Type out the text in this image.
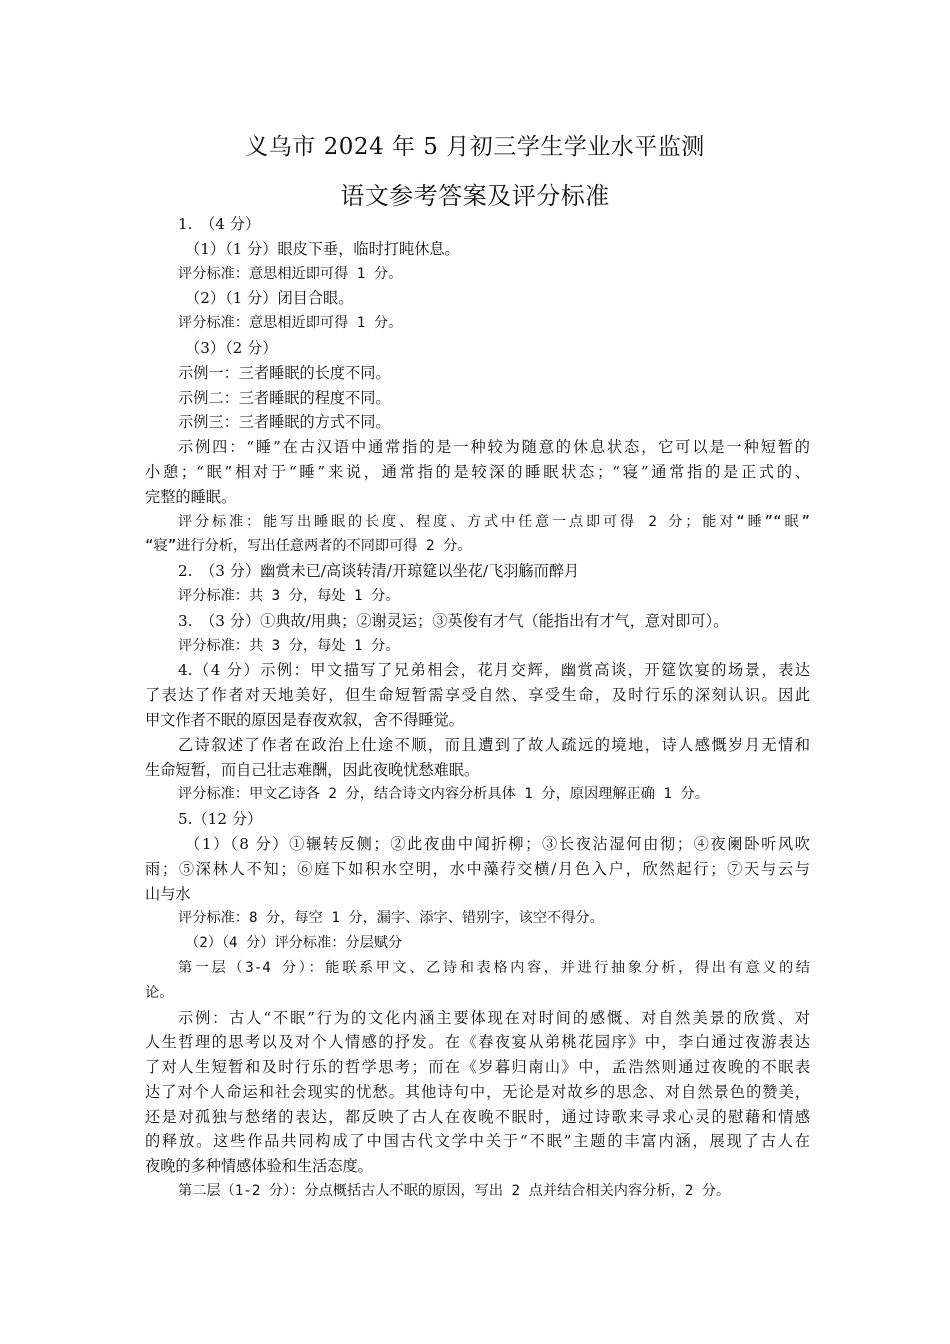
义乌市 2024 年 5 月初三学生学业水平监测
语文参考答案及评分标准
1.　（4 分）
（1）（1 分）眼皮下垂，临时打盹休息。
评分标准：意思相近即可得 1 分。
（2）（1 分）闭目合眼。
评分标准：意思相近即可得 1 分。
（3）（2 分）
示例一：三者睡眠的长度不同。
示例二：三者睡眠的程度不同。
示例三：三者睡眠的方式不同。
示例四：“睡”在古汉语中通常指的是一种较为随意的休息状态，它可以是一种短暂的
小憩；“眠”相对于“睡”来说，通常指的是较深的睡眠状态；“寝”通常指的是正式的、
完整的睡眠。
评分标准：能写出睡眠的长度、程度、方式中任意一点即可得 2 分；能对“睡”“眠”
“寝”进行分析，写出任意两者的不同即可得 2 分。
2.　（3 分）幽赏未已/高谈转清/开琼筵以坐花/飞羽觞而醉月
评分标准：共 3 分，每处 1 分。
3.　（3 分）①典故/用典；②谢灵运；③英俊有才气（能指出有才气，意对即可）。
评分标准：共 3 分，每处 1 分。
4.（4 分）示例：甲文描写了兄弟相会，花月交辉，幽赏高谈，开筵饮宴的场景，表达
了表达了作者对天地美好，但生命短暂需享受自然、享受生命，及时行乐的深刻认识。因此
甲文作者不眠的原因是春夜欢叙，舍不得睡觉。
乙诗叙述了作者在政治上仕途不顺，而且遭到了故人疏远的境地，诗人感慨岁月无情和
生命短暂，而自己壮志难酬，因此夜晚忧愁难眠。
评分标准：甲文乙诗各 2 分，结合诗文内容分析具体 1 分，原因理解正确 1 分。
5.（12 分）
（1）（8 分）①辗转反侧；②此夜曲中闻折柳；③长夜沾湿何由彻；④夜阑卧听风吹
雨；⑤深林人不知；⑥庭下如积水空明，水中藻荇交横/月色入户，欣然起行；⑦天与云与
山与水
评分标准：8 分，每空 1 分，漏字、添字、错别字，该空不得分。
（2）（4 分）评分标准：分层赋分
第一层（3-4 分）：能联系甲文、乙诗和表格内容，并进行抽象分析，得出有意义的结
论。
示例：古人“不眠”行为的文化内涵主要体现在对时间的感慨、对自然美景的欣赏、对
人生哲理的思考以及对个人情感的抒发。在《春夜宴从弟桃花园序》中，李白通过夜游表达
了对人生短暂和及时行乐的哲学思考；而在《岁暮归南山》中，孟浩然则通过夜晚的不眠表
达了对个人命运和社会现实的忧愁。其他诗句中，无论是对故乡的思念、对自然景色的赞美，
还是对孤独与愁绪的表达，都反映了古人在夜晚不眠时，通过诗歌来寻求心灵的慰藉和情感
的释放。这些作品共同构成了中国古代文学中关于“不眠”主题的丰富内涵，展现了古人在
夜晚的多种情感体验和生活态度。
第二层（1-2 分）：分点概括古人不眠的原因，写出 2 点并结合相关内容分析，2 分。
